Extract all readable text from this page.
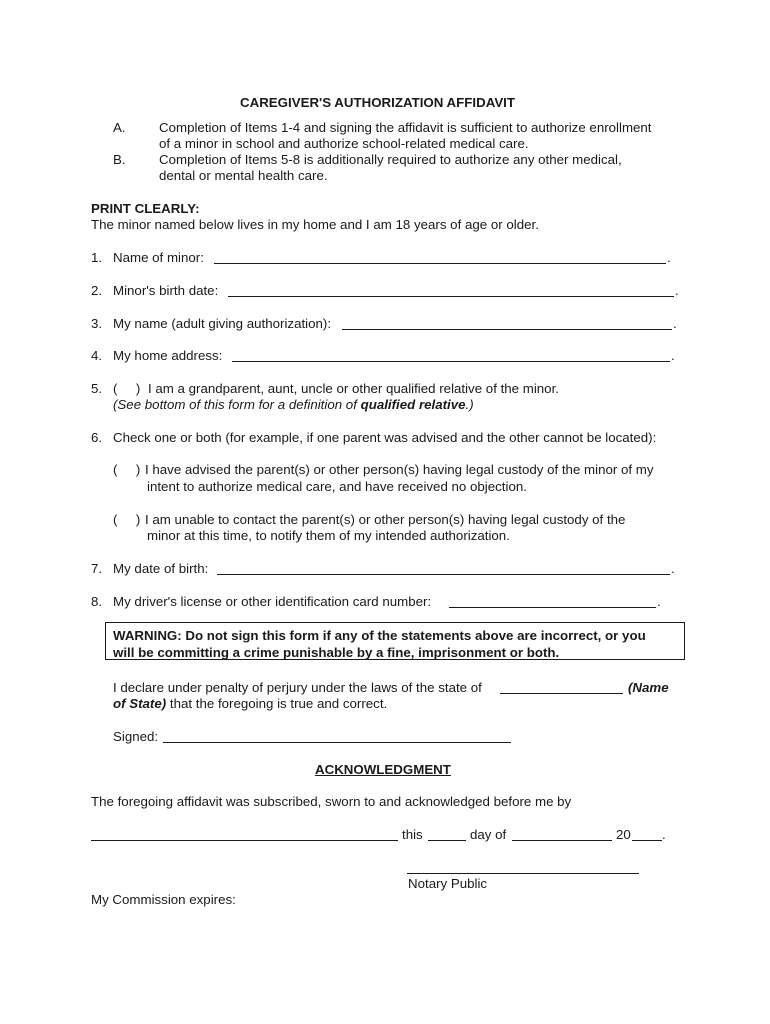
CAREGIVER'S AUTHORIZATION AFFIDAVIT
A.	Completion of Items 1-4 and signing the affidavit is sufficient to authorize enrollment
of a minor in school and authorize school-related medical care.
B.	Completion of Items 5-8 is additionally required to authorize any other medical,
dental or mental health care.
PRINT CLEARLY:
The minor named below lives in my home and I am 18 years of age or older.
1. Name of minor:	.
2. Minor's birth date:	.
3. My name (adult giving authorization):	.
4. My home address:	.
5. (     ) I am a grandparent, aunt, uncle or other qualified relative of the minor.
(See bottom of this form for a definition of qualified relative.)
6. Check one or both (for example, if one parent was advised and the other cannot be located):
(     ) I have advised the parent(s) or other person(s) having legal custody of the minor of my
intent to authorize medical care, and have received no objection.
(     ) I am unable to contact the parent(s) or other person(s) having legal custody of the
minor at this time, to notify them of my intended authorization.
7. My date of birth:	.
8. My driver's license or other identification card number:	.
WARNING: Do not sign this form if any of the statements above are incorrect, or you
will be committing a crime punishable by a fine, imprisonment or both.
I declare under penalty of perjury under the laws of the state of	(Name
of State) that the foregoing is true and correct.
Signed:
ACKNOWLEDGMENT
The foregoing affidavit was subscribed, sworn to and acknowledged before me by
this	day of	20 .
Notary Public
My Commission expires:
